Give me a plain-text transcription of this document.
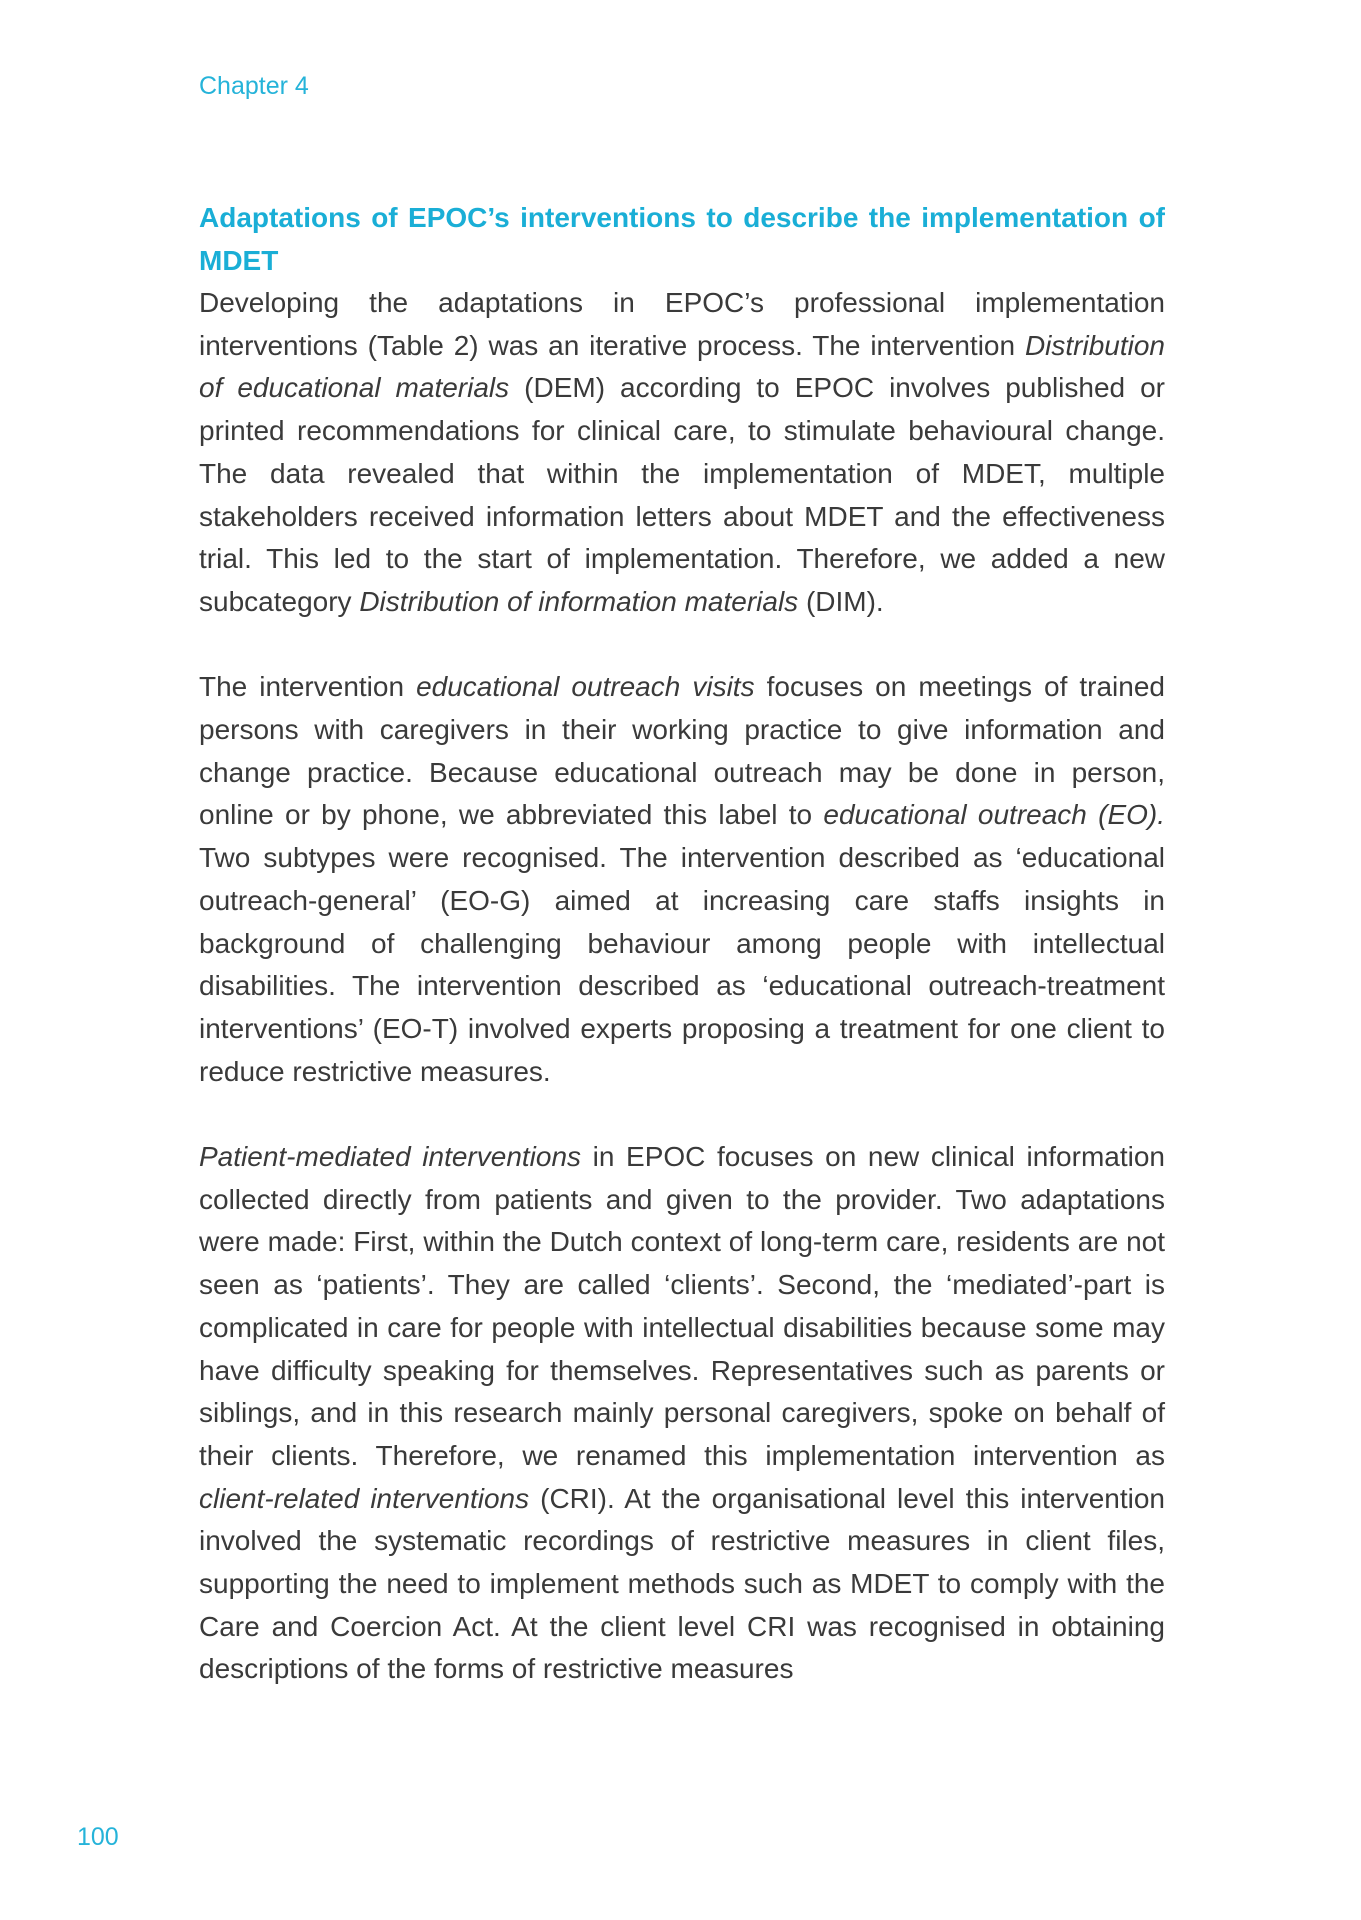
Chapter 4
Adaptations of EPOC’s interventions to describe the implementation of MDET

Developing the adaptations in EPOC’s professional implementation interventions (Table 2) was an iterative process. The intervention Distribution of educational materials (DEM) according to EPOC involves published or printed recommendations for clinical care, to stimulate behavioural change. The data revealed that within the implementation of MDET, multiple stakeholders received information letters about MDET and the effectiveness trial. This led to the start of implementation. Therefore, we added a new subcategory Distribution of information materials (DIM).

The intervention educational outreach visits focuses on meetings of trained persons with caregivers in their working practice to give information and change practice. Because educational outreach may be done in person, online or by phone, we abbreviated this label to educational outreach (EO). Two subtypes were recognised. The intervention described as ‘educational outreach-general’ (EO-G) aimed at increasing care staffs insights in background of challenging behaviour among people with intellectual disabilities. The intervention described as ‘educational outreach-treatment interventions’ (EO-T) involved experts proposing a treatment for one client to reduce restrictive measures.

Patient-mediated interventions in EPOC focuses on new clinical information collected directly from patients and given to the provider. Two adaptations were made: First, within the Dutch context of long-term care, residents are not seen as ‘patients’. They are called ‘clients’. Second, the ‘mediated’-part is complicated in care for people with intellectual disabilities because some may have difficulty speaking for themselves. Representatives such as parents or siblings, and in this research mainly personal caregivers, spoke on behalf of their clients. Therefore, we renamed this implementation intervention as client-related interventions (CRI). At the organisational level this intervention involved the systematic recordings of restrictive measures in client files, supporting the need to implement methods such as MDET to comply with the Care and Coercion Act. At the client level CRI was recognised in obtaining descriptions of the forms of restrictive measures

100
